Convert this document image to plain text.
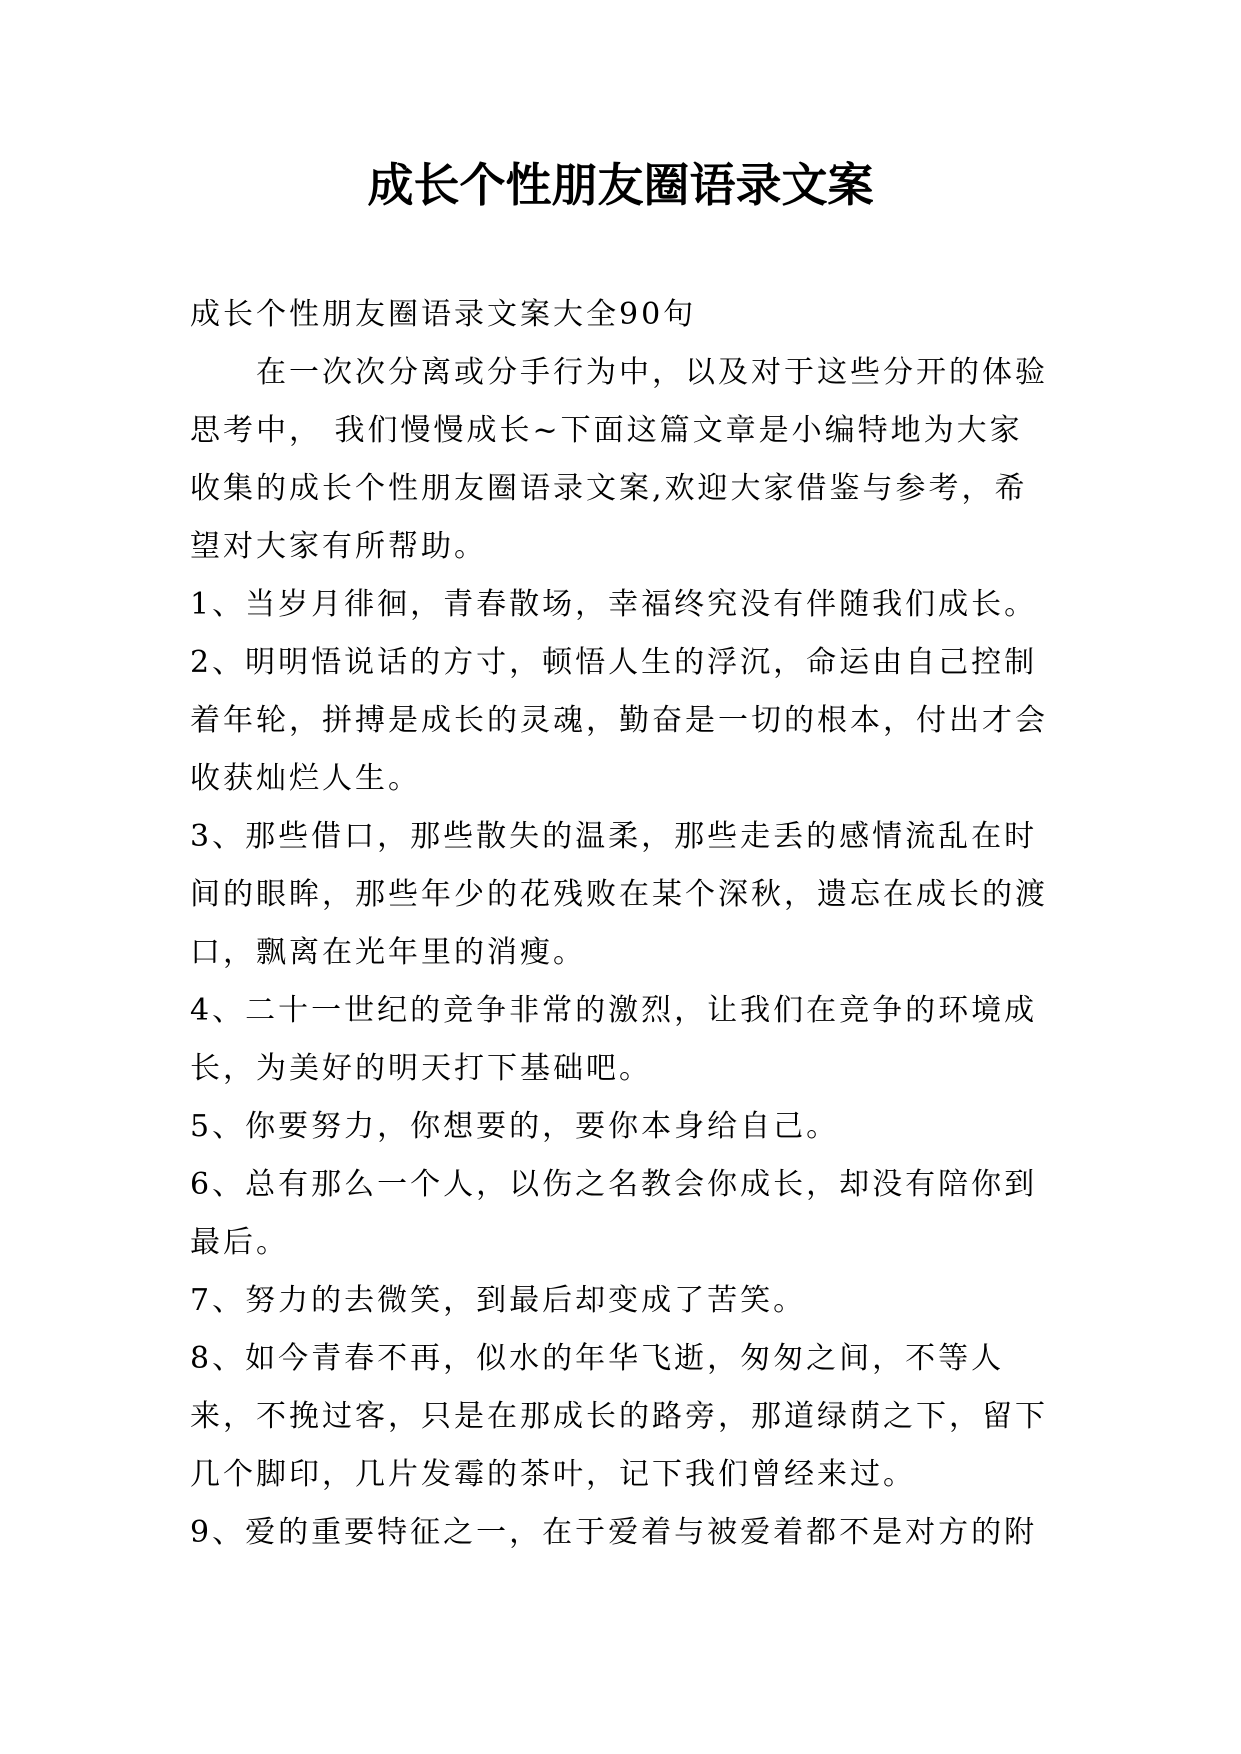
成长个性朋友圈语录文案

成长个性朋友圈语录文案大全90句

在一次次分离或分手行为中，以及对于这些分开的体验思考中， 我们慢慢成长~下面这篇文章是小编特地为大家收集的成长个性朋友圈语录文案,欢迎大家借鉴与参考，希望对大家有所帮助。

1、当岁月徘徊，青春散场，幸福终究没有伴随我们成长。

2、明明悟说话的方寸，顿悟人生的浮沉，命运由自己控制着年轮，拼搏是成长的灵魂，勤奋是一切的根本，付出才会收获灿烂人生。

3、那些借口，那些散失的温柔，那些走丢的感情流乱在时间的眼眸，那些年少的花残败在某个深秋，遗忘在成长的渡口，飘离在光年里的消瘦。

4、二十一世纪的竞争非常的激烈，让我们在竞争的环境成长，为美好的明天打下基础吧。

5、你要努力，你想要的，要你本身给自己。

6、总有那么一个人，以伤之名教会你成长，却没有陪你到最后。

7、努力的去微笑，到最后却变成了苦笑。

8、如今青春不再，似水的年华飞逝，匆匆之间，不等人来，不挽过客，只是在那成长的路旁，那道绿荫之下，留下几个脚印，几片发霉的茶叶，记下我们曾经来过。

9、爱的重要特征之一，在于爱着与被爱着都不是对方的附
